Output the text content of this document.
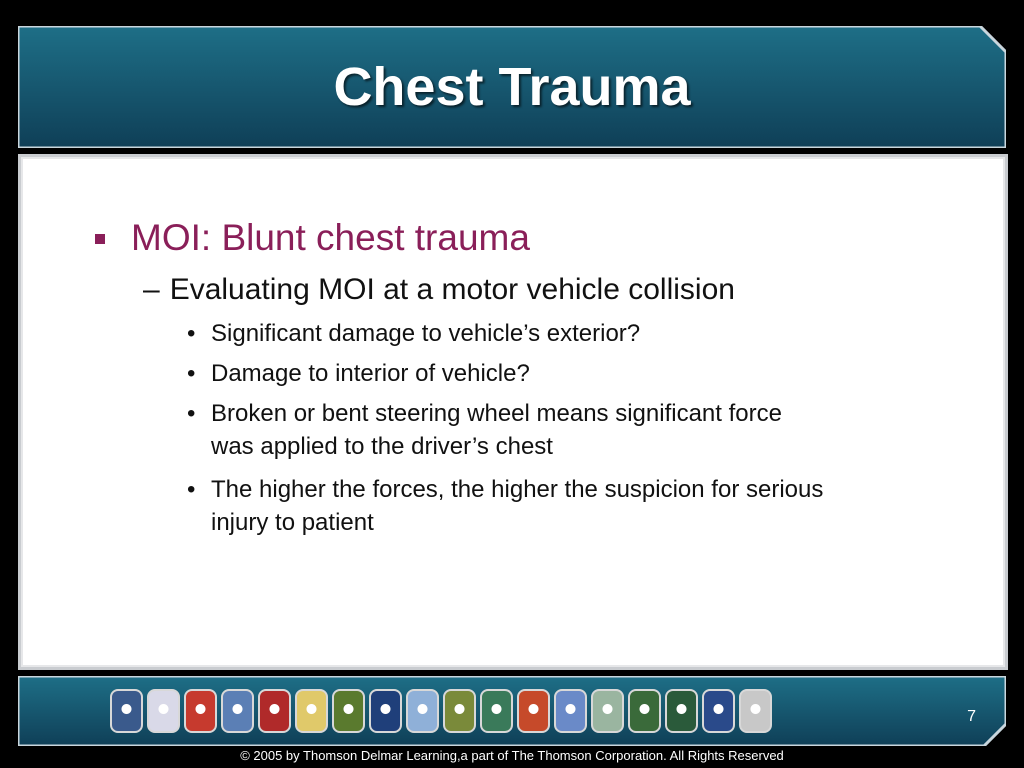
Chest Trauma
MOI: Blunt chest trauma
– Evaluating MOI at a motor vehicle collision
• Significant damage to vehicle’s exterior?
• Damage to interior of vehicle?
• Broken or bent steering wheel means significant force was applied to the driver’s chest
• The higher the forces, the higher the suspicion for serious injury to patient
7
© 2005 by Thomson Delmar Learning,a part of The Thomson Corporation. All Rights Reserved
